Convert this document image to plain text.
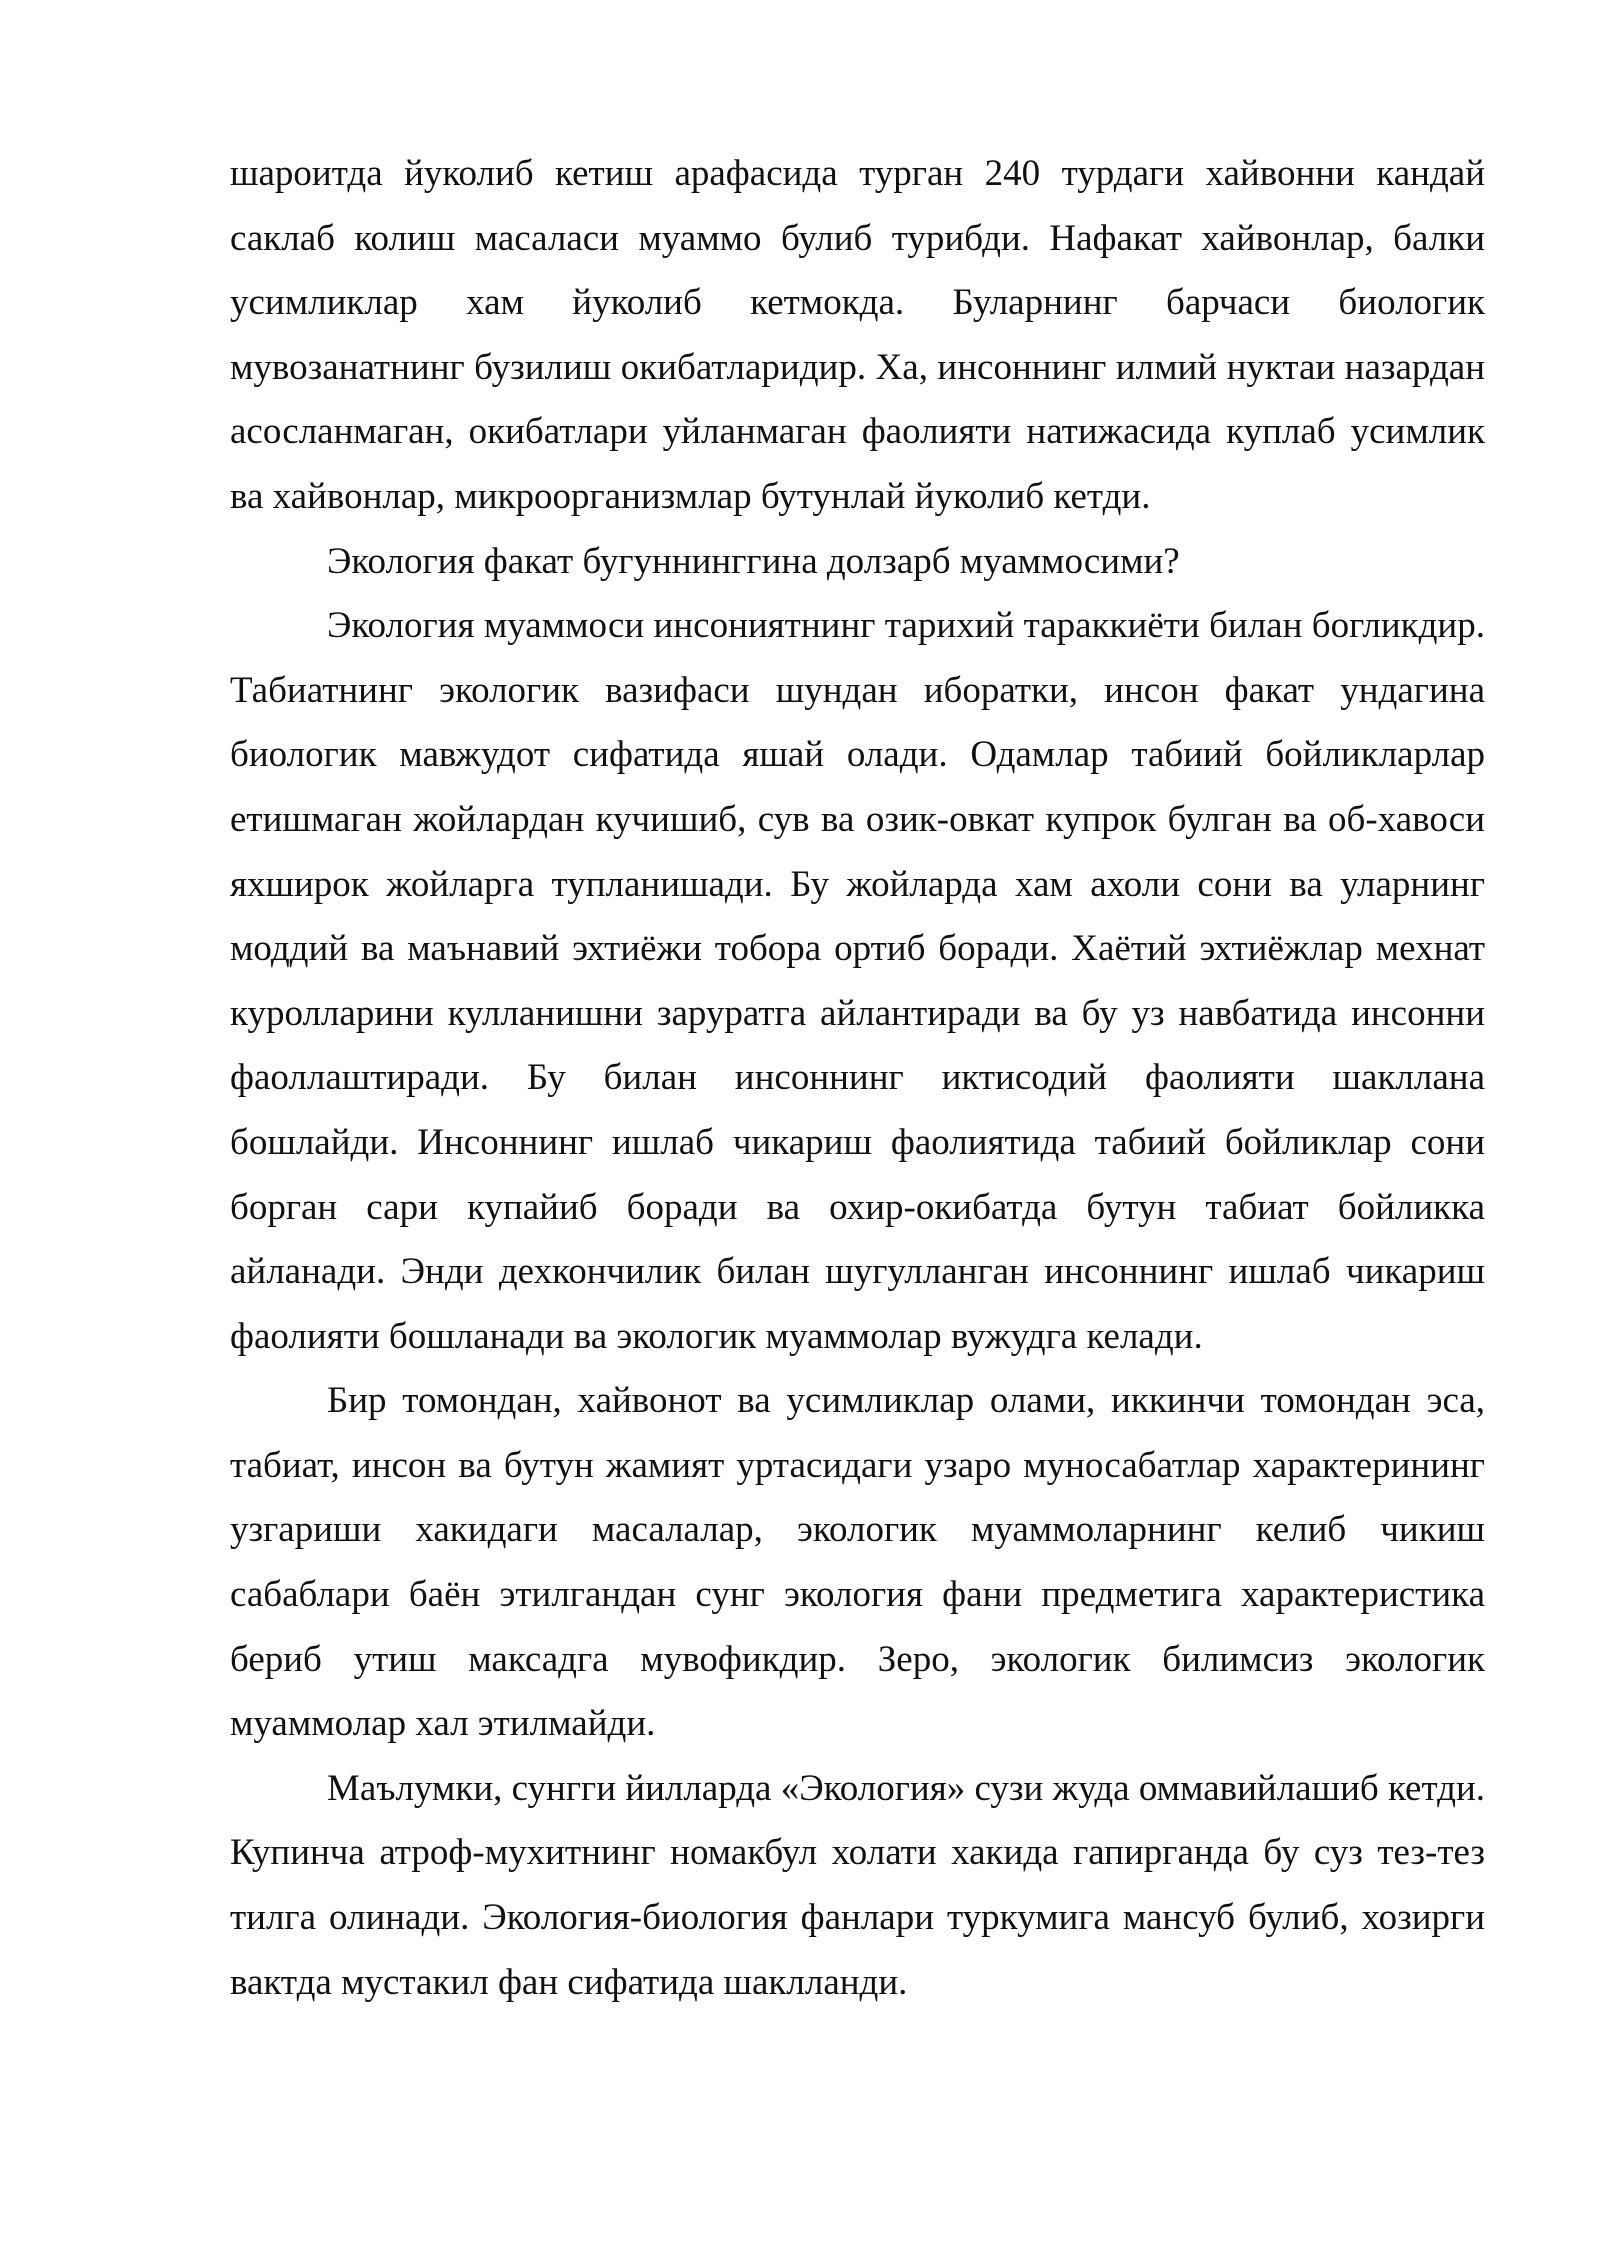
шароитда йуколиб кетиш арафасида турган 240 турдаги хайвонни кандай саклаб колиш масаласи муаммо булиб турибди. Нафакат хайвонлар, балки усимликлар хам йуколиб кетмокда. Буларнинг барчаси биологик мувозанатнинг бузилиш окибатларидир. Ха, инсоннинг илмий нуктаи назардан асосланмаган, окибатлари уйланмаган фаолияти натижасида куплаб усимлик ва хайвонлар, микроорганизмлар бутунлай йуколиб кетди.

Экология факат бугуннинггина долзарб муаммосими?

Экология муаммоси инсониятнинг тарихий тараккиёти билан богликдир. Табиатнинг экологик вазифаси шундан иборатки, инсон факат ундагина биологик мавжудот сифатида яшай олади. Одамлар табиий бойликларлар етишмаган жойлардан кучишиб, сув ва озик-овкат купрок булган ва об-хавоси яхширок жойларга тупланишади. Бу жойларда хам ахоли сони ва уларнинг моддий ва маънавий эхтиёжи тобора ортиб боради. Хаётий эхтиёжлар мехнат куролларини кулланишни заруратга айлантиради ва бу уз навбатида инсонни фаоллаштиради. Бу билан инсоннинг иктисодий фаолияти шакллана бошлайди. Инсоннинг ишлаб чикариш фаолиятида табиий бойликлар сони борган сари купайиб боради ва охир-окибатда бутун табиат бойликка айланади. Энди дехкончилик билан шугулланган инсоннинг ишлаб чикариш фаолияти бошланади ва экологик муаммолар вужудга келади.

Бир томондан, хайвонот ва усимликлар олами, иккинчи томондан эса, табиат, инсон ва бутун жамият уртасидаги узаро муносабатлар характерининг узгариши хакидаги масалалар, экологик муаммоларнинг келиб чикиш сабаблари баён этилгандан сунг экология фани предметига характеристика бериб утиш максадга мувофикдир. Зеро, экологик билимсиз экологик муаммолар хал этилмайди.

Маълумки, сунгги йилларда «Экология» сузи жуда оммавийлашиб кетди. Купинча атроф-мухитнинг номакбул холати хакида гапирганда бу суз тез-тез тилга олинади. Экология-биология фанлари туркумига мансуб булиб, хозирги вактда мустакил фан сифатида шаклланди.
